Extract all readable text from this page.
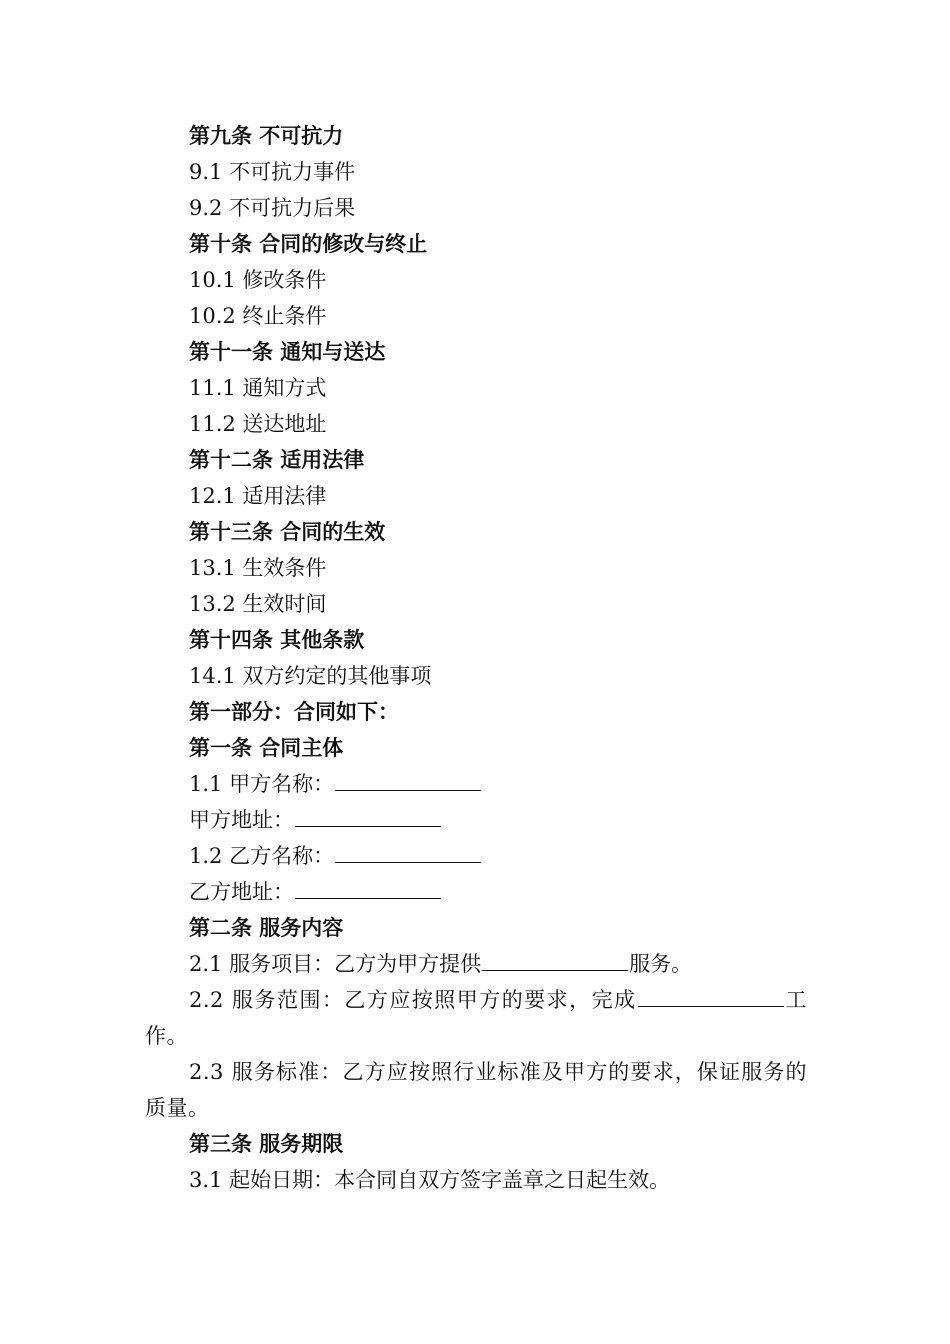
第九条 不可抗力
9.1 不可抗力事件
9.2 不可抗力后果
第十条 合同的修改与终止
10.1 修改条件
10.2 终止条件
第十一条 通知与送达
11.1 通知方式
11.2 送达地址
第十二条 适用法律
12.1 适用法律
第十三条 合同的生效
13.1 生效条件
13.2 生效时间
第十四条 其他条款
14.1 双方约定的其他事项
第一部分：合同如下：
第一条 合同主体
1.1 甲方名称：
甲方地址：
1.2 乙方名称：
乙方地址：
第二条 服务内容
2.1 服务项目：乙方为甲方提供	服务。
2.2 服务范围：乙方应按照甲方的要求，完成	工作。
2.3 服务标准：乙方应按照行业标准及甲方的要求，保证服务的质量。
第三条 服务期限
3.1 起始日期：本合同自双方签字盖章之日起生效。
